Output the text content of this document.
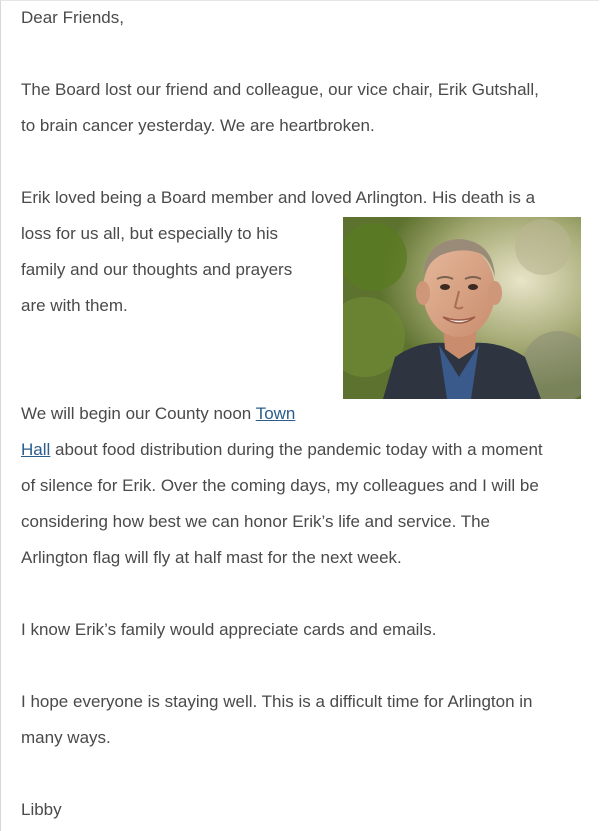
Dear Friends,
The Board lost our friend and colleague, our vice chair, Erik Gutshall,
to brain cancer yesterday. We are heartbroken.
Erik loved being a Board member and loved Arlington. His death is a
loss for us all, but especially to his
family and our thoughts and prayers
are with them.
We will begin our County noon Town
Hall about food distribution during the pandemic today with a moment
of silence for Erik. Over the coming days, my colleagues and I will be
considering how best we can honor Erik’s life and service. The
Arlington flag will fly at half mast for the next week.
I know Erik’s family would appreciate cards and emails.
I hope everyone is staying well. This is a difficult time for Arlington in
many ways.
Libby
